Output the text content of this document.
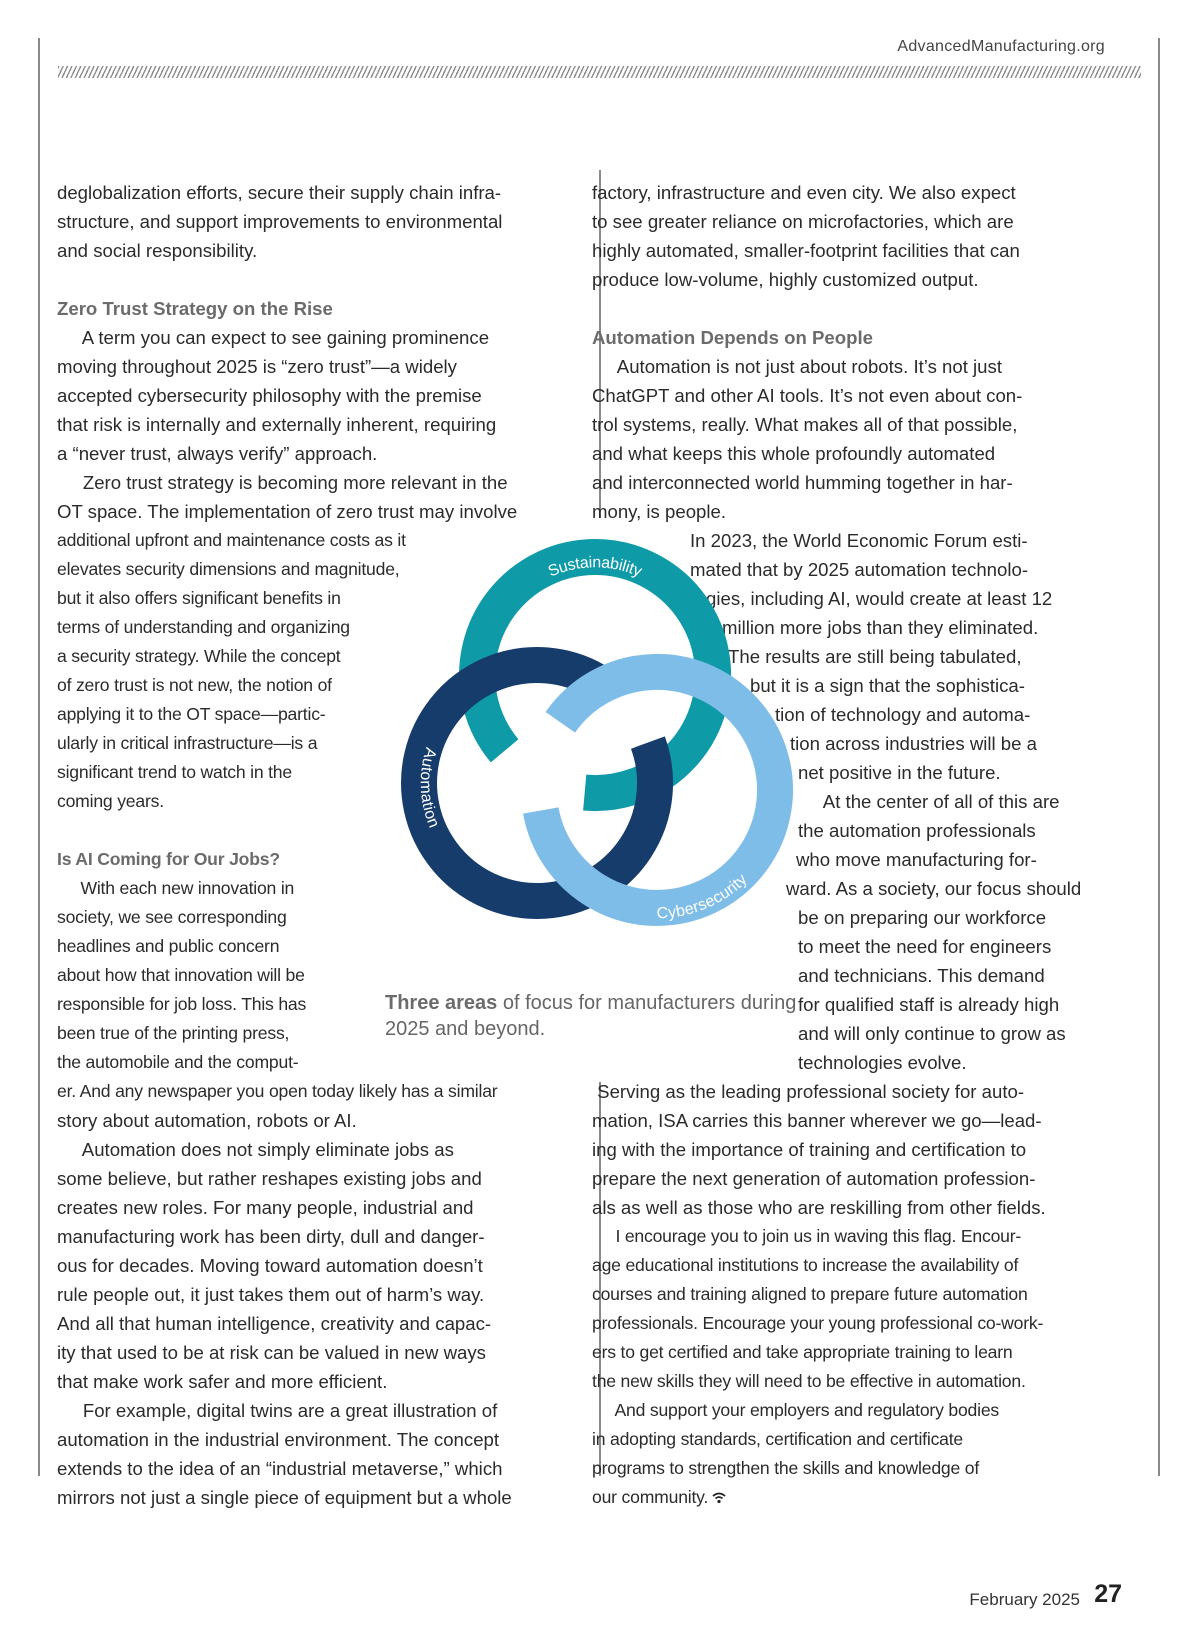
AdvancedManufacturing.org
deglobalization efforts, secure their supply chain infra-
structure, and support improvements to environmental
and social responsibility.
Zero Trust Strategy on the Rise
A term you can expect to see gaining prominence
moving throughout 2025 is “zero trust”—a widely
accepted cybersecurity philosophy with the premise
that risk is internally and externally inherent, requiring
a “never trust, always verify” approach.
Zero trust strategy is becoming more relevant in the
OT space. The implementation of zero trust may involve
additional upfront and maintenance costs as it
elevates security dimensions and magnitude,
but it also offers significant benefits in
terms of understanding and organizing
a security strategy. While the concept
of zero trust is not new, the notion of
applying it to the OT space—partic-
ularly in critical infrastructure—is a
significant trend to watch in the
coming years.
Is AI Coming for Our Jobs?
With each new innovation in
society, we see corresponding
headlines and public concern
about how that innovation will be
responsible for job loss. This has
been true of the printing press,
the automobile and the comput-
er. And any newspaper you open today likely has a similar
story about automation, robots or AI.
Automation does not simply eliminate jobs as
some believe, but rather reshapes existing jobs and
creates new roles. For many people, industrial and
manufacturing work has been dirty, dull and danger-
ous for decades. Moving toward automation doesn’t
rule people out, it just takes them out of harm’s way.
And all that human intelligence, creativity and capac-
ity that used to be at risk can be valued in new ways
that make work safer and more efficient.
For example, digital twins are a great illustration of
automation in the industrial environment. The concept
extends to the idea of an “industrial metaverse,” which
mirrors not just a single piece of equipment but a whole
factory, infrastructure and even city. We also expect
to see greater reliance on microfactories, which are
highly automated, smaller-footprint facilities that can
produce low-volume, highly customized output.
Automation Depends on People
Automation is not just about robots. It’s not just
ChatGPT and other AI tools. It’s not even about con-
trol systems, really. What makes all of that possible,
and what keeps this whole profoundly automated
and interconnected world humming together in har-
mony, is people.
In 2023, the World Economic Forum esti-
mated that by 2025 automation technolo-
gies, including AI, would create at least 12
million more jobs than they eliminated.
The results are still being tabulated,
but it is a sign that the sophistica-
tion of technology and automa-
tion across industries will be a
net positive in the future.
At the center of all of this are
the automation professionals
who move manufacturing for-
ward. As a society, our focus should
be on preparing our workforce
to meet the need for engineers
and technicians. This demand
for qualified staff is already high
and will only continue to grow as
technologies evolve.
Serving as the leading professional society for auto-
mation, ISA carries this banner wherever we go—lead-
ing with the importance of training and certification to
prepare the next generation of automation profession-
als as well as those who are reskilling from other fields.
I encourage you to join us in waving this flag. Encour-
age educational institutions to increase the availability of
courses and training aligned to prepare future automation
professionals. Encourage your young professional co-work-
ers to get certified and take appropriate training to learn
the new skills they will need to be effective in automation.
And support your employers and regulatory bodies
in adopting standards, certification and certificate
programs to strengthen the skills and knowledge of
our community.
Sustainability
Automation
Cybersecurity
Three areas of focus for manufacturers during 2025 and beyond.
February 2025 27
